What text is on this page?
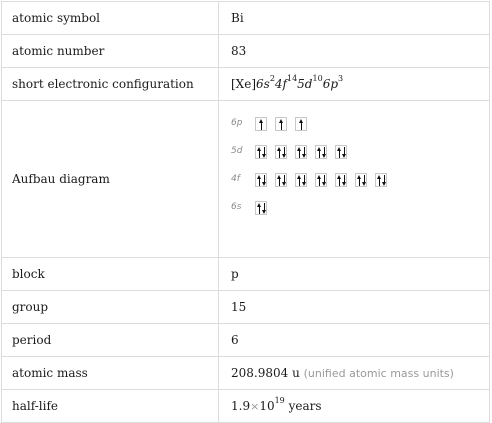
atomic symbol	Bi
atomic number	83
short electronic configuration	$[Xe]6s^24f^{14}5d^{10}6p^3$
Aufbau diagram	6p
5d
4f
6s

block	p
group	15
period	6
atomic mass	208.9804 u (unified atomic mass units)
half-life	$1.9\times 10^{19}$ years
